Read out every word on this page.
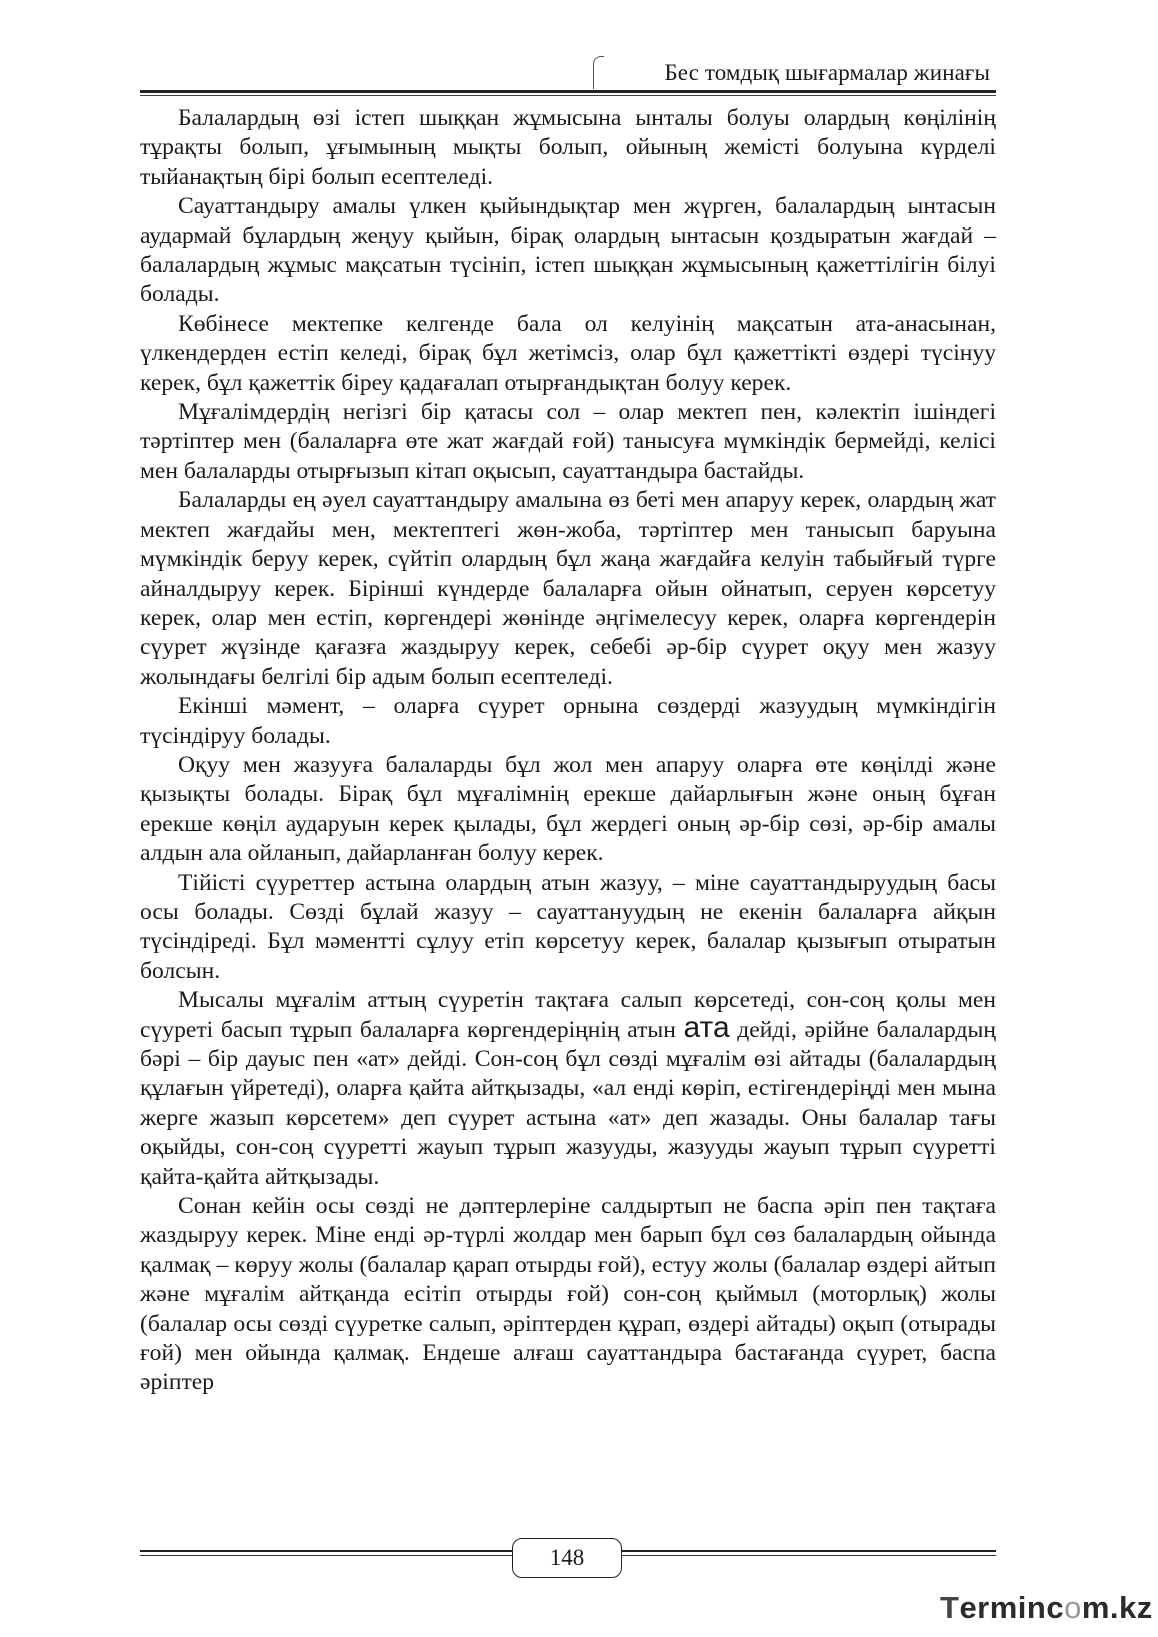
Бес томдық шығармалар жинағы

Балалардың өзі істеп шыққан жұмысына ынталы болуы олардың көңілінің тұрақты болып, ұғымының мықты болып, ойының жемісті болуына күрделі тыйанақтың бірі болып есептеледі.

Сауаттандыру амалы үлкен қыйындықтар мен жүрген, балалардың ынтасын аудармай бұлардың жеңуу қыйын, бірақ олардың ынтасын қоздыратын жағдай – балалардың жұмыс мақсатын түсініп, істеп шыққан жұмысының қажеттілігін білуі болады.

Көбінесе мектепке келгенде бала ол келуінің мақсатын ата-анасынан, үлкендерден естіп келеді, бірақ бұл жетімсіз, олар бұл қажеттікті өздері түсінуу керек, бұл қажеттік біреу қадағалап отырғандықтан болуу керек.

Мұғалімдердің негізгі бір қатасы сол – олар мектеп пен, кәлектіп ішіндегі тәртіптер мен (балаларға өте жат жағдай ғой) танысуға мүмкіндік бермейді, келісі мен балаларды отырғызып кітап оқысып, сауаттандыра бастайды.

Балаларды ең әуел сауаттандыру амалына өз беті мен апаруу керек, олардың жат мектеп жағдайы мен, мектептегі жөн-жоба, тәртіптер мен танысып баруына мүмкіндік беруу керек, сүйтіп олардың бұл жаңа жағдайға келуін табыйғый түрге айналдыруу керек. Бірінші күндерде балаларға ойын ойнатып, серуен көрсетуу керек, олар мен естіп, көргендері жөнінде әңгімелесуу керек, оларға көргендерін сүурет жүзінде қағазға жаздыруу керек, себебі әр-бір сүурет оқуу мен жазуу жолындағы белгілі бір адым болып есептеледі.

Екінші мәмент, – оларға сүурет орнына сөздерді жазуудың мүмкіндігін түсіндіруу болады.

Оқуу мен жазууға балаларды бұл жол мен апаруу оларға өте көңілді және қызықты болады. Бірақ бұл мұғалімнің ерекше дайарлығын және оның бұған ерекше көңіл аударуын керек қылады, бұл жердегі оның әр-бір сөзі, әр-бір амалы алдын ала ойланып, дайарланған болуу керек.

Тійісті сүуреттер астына олардың атын жазуу, – міне сауаттандыруудың басы осы болады. Сөзді бұлай жазуу – сауаттануудың не екенін балаларға айқын түсіндіреді. Бұл мәментті сұлуу етіп көрсетуу керек, балалар қызығып отыратын болсын.

Мысалы мұғалім аттың сүуретін тақтаға салып көрсетеді, сон-соң қолы мен сүуреті басып тұрып балаларға көргендеріңнің атын ата дейді, әрійне балалардың бәрі – бір дауыс пен «ат» дейді. Сон-соң бұл сөзді мұғалім өзі айтады (балалардың құлағын үйретеді), оларға қайта айтқызады, «ал енді көріп, естігендеріңді мен мына жерге жазып көрсетем» деп сүурет астына «ат» деп жазады. Оны балалар тағы оқыйды, сон-соң сүуретті жауып тұрып жазууды, жазууды жауып тұрып сүуретті қайта-қайта айтқызады.

Сонан кейін осы сөзді не дәптерлеріне салдыртып не баспа әріп пен тақтаға жаздыруу керек. Міне енді әр-түрлі жолдар мен барып бұл сөз балалардың ойында қалмақ – көруу жолы (балалар қарап отырды ғой), естуу жолы (балалар өздері айтып және мұғалім айтқанда есітіп отырды ғой) сон-соң қыймыл (моторлық) жолы (балалар осы сөзді сүуретке салып, әріптерден құрап, өздері айтады) оқып (отырады ғой) мен ойында қалмақ. Ендеше алғаш сауаттандыра бастағанда сүурет, баспа әріптер

148
Termincom.kz
